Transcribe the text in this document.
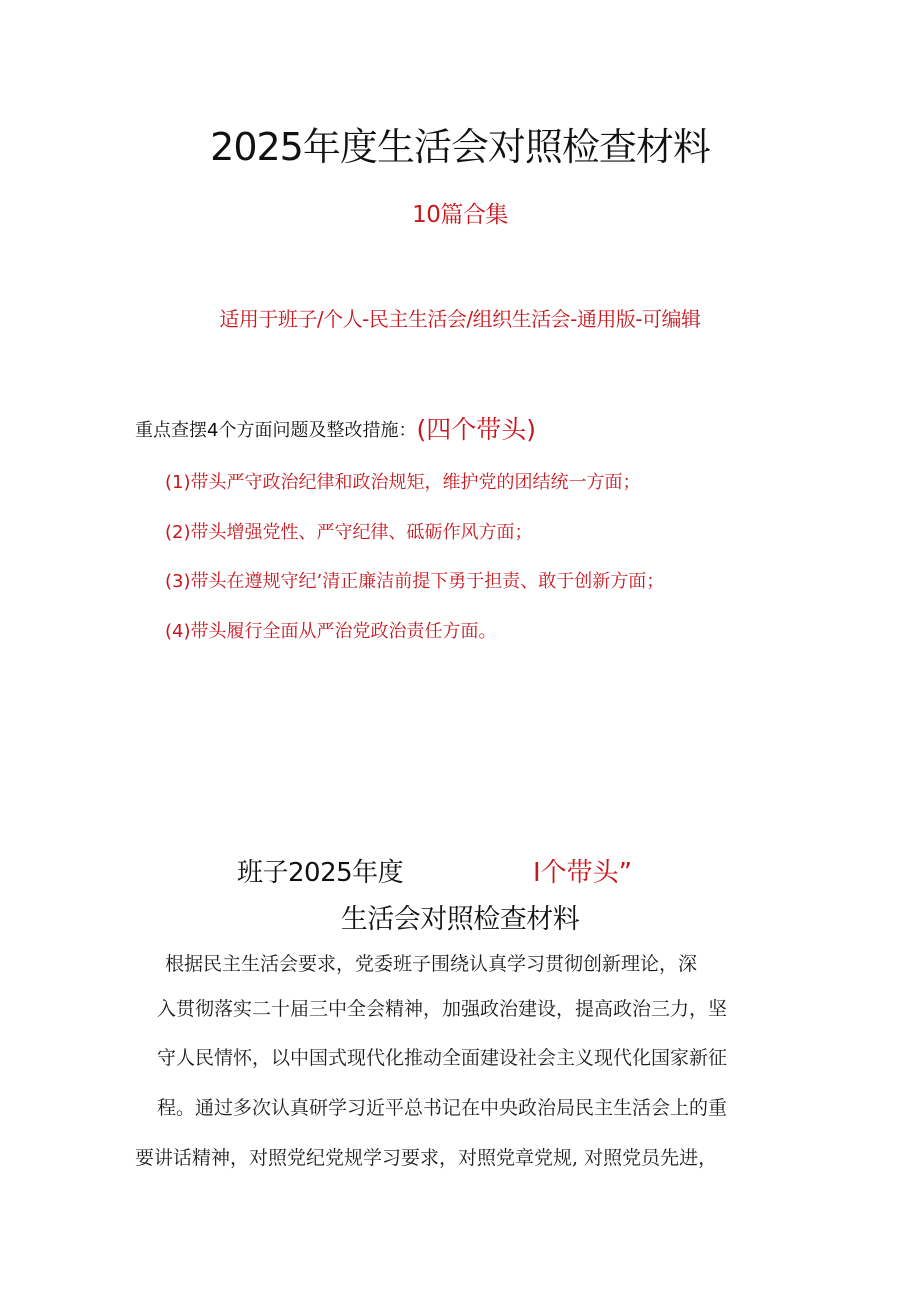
2025年度生活会对照检查材料
10篇合集
适用于班子/个人-民主生活会/组织生活会-通用版-可编辑
重点查摆4个方面问题及整改措施：(四个带头)
(1)带头严守政治纪律和政治规矩，维护党的团结统一方面；
(2)带头增强党性、严守纪律、砥砺作风方面；
(3)带头在遵规守纪’清正廉洁前提下勇于担责、敢于创新方面；
(4)带头履行全面从严治党政治责任方面。
班子2025年度	I个带头”
生活会对照检查材料
根据民主生活会要求，党委班子围绕认真学习贯彻创新理论，深
入贯彻落实二十届三中全会精神，加强政治建设，提高政治三力，坚
守人民情怀，以中国式现代化推动全面建设社会主义现代化国家新征
程。通过多次认真研学习近平总书记在中央政治局民主生活会上的重
要讲话精神，对照党纪党规学习要求，对照党章党规, 对照党员先进，
